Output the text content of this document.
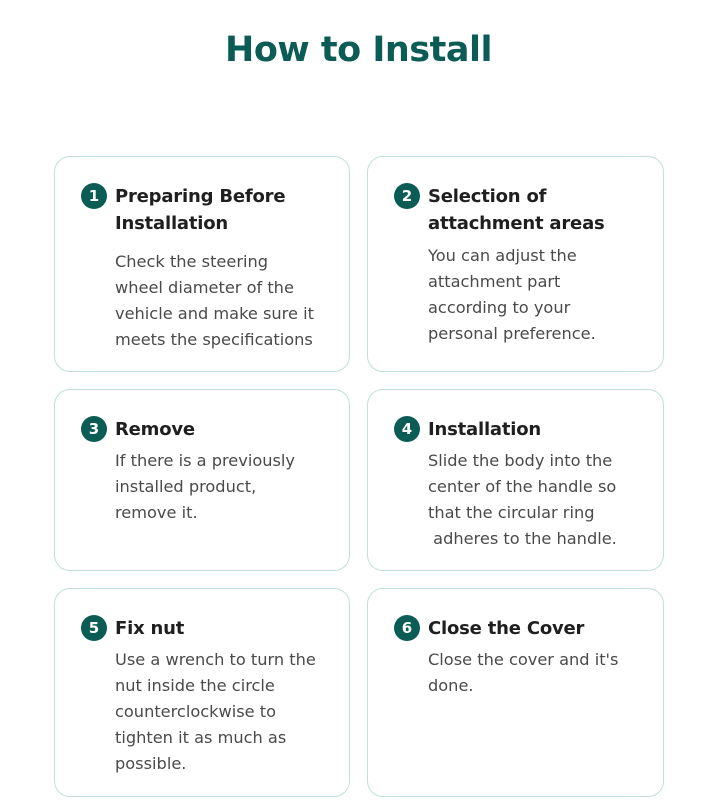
How to Install
1 Preparing Before
Installation

Check the steering
wheel diameter of the
vehicle and make sure it
meets the specifications

2 Selection of
attachment areas

You can adjust the
attachment part
according to your
personal preference.

3 Remove

If there is a previously
installed product,
remove it.

4 Installation

Slide the body into the
center of the handle so
that the circular ring
adheres to the handle.

5 Fix nut

Use a wrench to turn the
nut inside the circle
counterclockwise to
tighten it as much as
possible.

6 Close the Cover

Close the cover and it's
done.
